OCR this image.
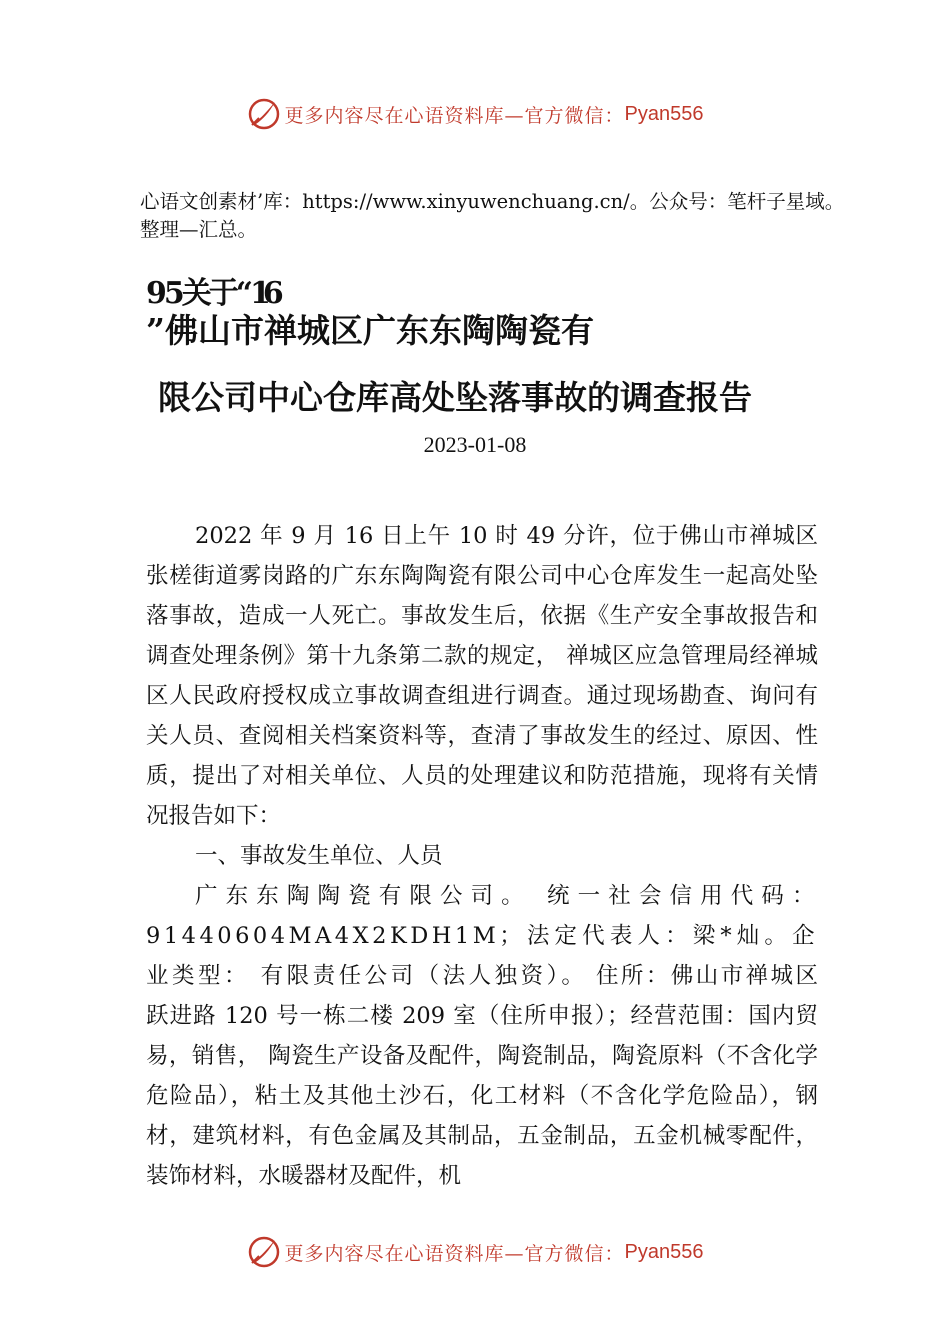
更多内容尽在心语资料库—官方微信： Pyan556
心语文创素材’库：https://www.xinyuwenchuang.cn/。公众号：笔杆子星域。整理—汇总。
95关于“16
”佛山市禅城区广东东陶陶瓷有
限公司中心仓库高处坠落事故的调查报告
2023-01-08

2022 年 9 月 16 日上午 10 时 49 分许，位于佛山市禅城区张槎街道雾岗路的广东东陶陶瓷有限公司中心仓库发生一起高处坠落事故，造成一人死亡。事故发生后，依据《生产安全事故报告和调查处理条例》第十九条第二款的规定， 禅城区应急管理局经禅城区人民政府授权成立事故调查组进行调查。通过现场勘查、询问有关人员、查阅相关档案资料等，查清了事故发生的经过、原因、性质，提出了对相关单位、人员的处理建议和防范措施，现将有关情况报告如下：

一、事故发生单位、人员

广东东陶陶瓷有限公司。 统一社会信用代码：91440604MA4X2KDH1M；法定代表人：梁*灿。企业类型： 有限责任公司（法人独资）。 住所：佛山市禅城区跃进路 120 号一栋二楼 209 室（住所申报）；经营范围：国内贸易，销售， 陶瓷生产设备及配件，陶瓷制品，陶瓷原料（不含化学危险品），粘土及其他土沙石，化工材料（不含化学危险品），钢材，建筑材料，有色金属及其制品，五金制品，五金机械零配件，装饰材料，水暖器材及配件，机

更多内容尽在心语资料库—官方微信： Pyan556
